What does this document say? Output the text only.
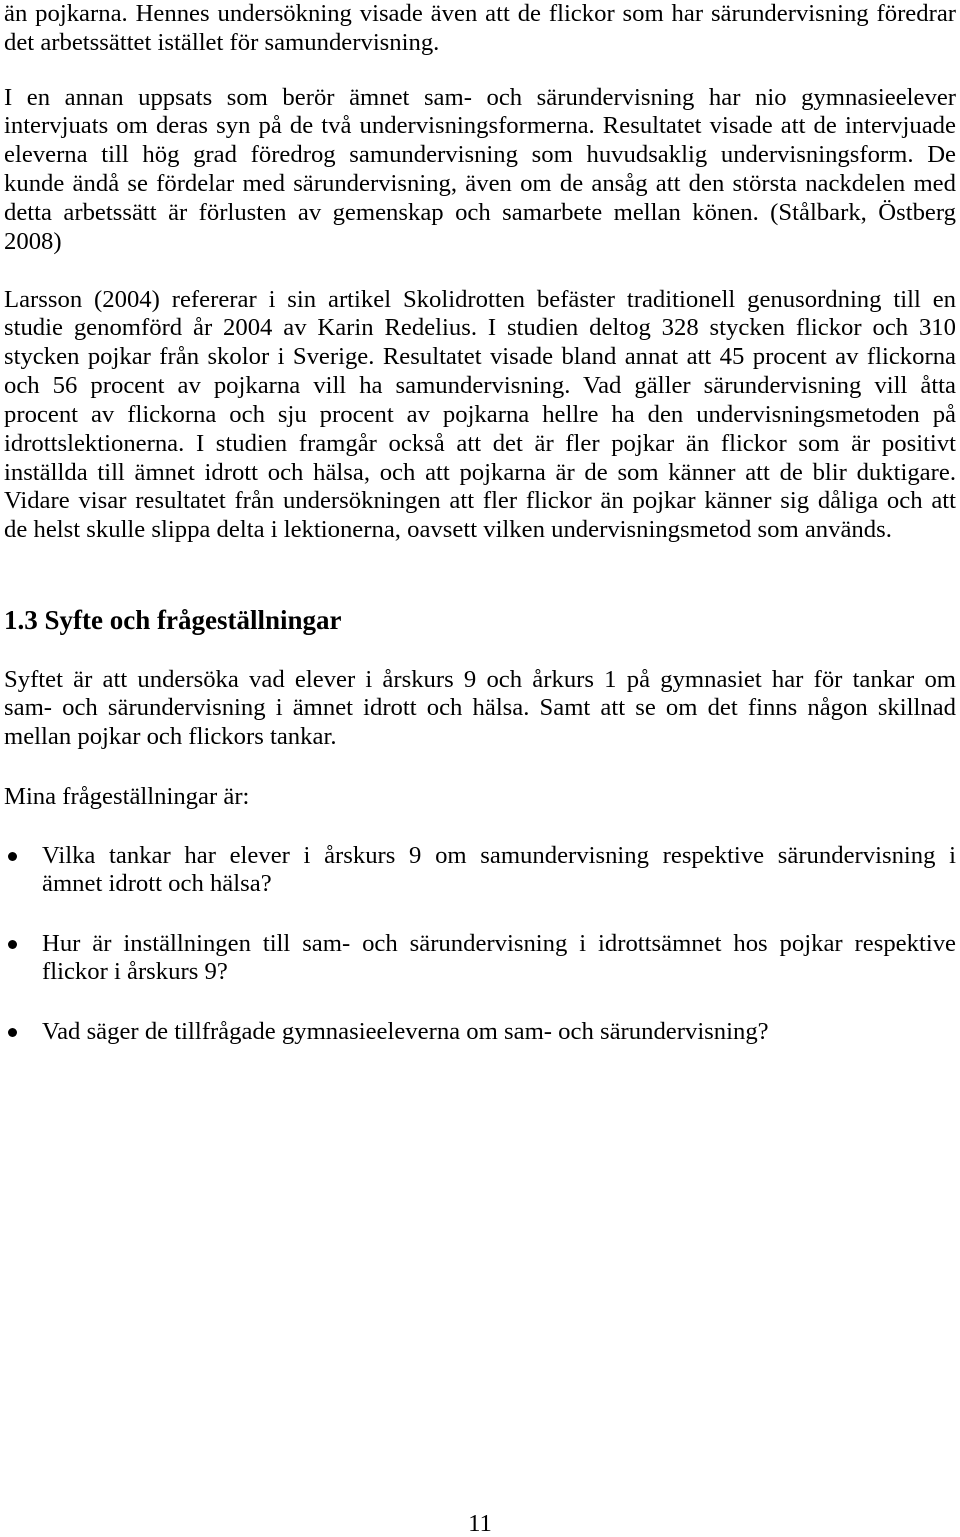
än pojkarna. Hennes undersökning visade även att de flickor som har särundervisning föredrar
det arbetssättet istället för samundervisning.
I en annan uppsats som berör ämnet sam- och särundervisning har nio gymnasieelever
intervjuats om deras syn på de två undervisningsformerna. Resultatet visade att de intervjuade
eleverna till hög grad föredrog samundervisning som huvudsaklig undervisningsform. De
kunde ändå se fördelar med särundervisning, även om de ansåg att den största nackdelen med
detta arbetssätt är förlusten av gemenskap och samarbete mellan könen. (Stålbark, Östberg
2008)
Larsson (2004) refererar i sin artikel Skolidrotten befäster traditionell genusordning till en
studie genomförd år 2004 av Karin Redelius. I studien deltog 328 stycken flickor och 310
stycken pojkar från skolor i Sverige. Resultatet visade bland annat att 45 procent av flickorna
och 56 procent av pojkarna vill ha samundervisning. Vad gäller särundervisning vill åtta
procent av flickorna och sju procent av pojkarna hellre ha den undervisningsmetoden på
idrottslektionerna. I studien framgår också att det är fler pojkar än flickor som är positivt
inställda till ämnet idrott och hälsa, och att pojkarna är de som känner att de blir duktigare.
Vidare visar resultatet från undersökningen att fler flickor än pojkar känner sig dåliga och att
de helst skulle slippa delta i lektionerna, oavsett vilken undervisningsmetod som används.
1.3 Syfte och frågeställningar
Syftet är att undersöka vad elever i årskurs 9 och årkurs 1 på gymnasiet har för tankar om
sam- och särundervisning i ämnet idrott och hälsa. Samt att se om det finns någon skillnad
mellan pojkar och flickors tankar.
Mina frågeställningar är:
Vilka tankar har elever i årskurs 9 om samundervisning respektive särundervisning i
ämnet idrott och hälsa?
Hur är inställningen till sam- och särundervisning i idrottsämnet hos pojkar respektive
flickor i årskurs 9?
Vad säger de tillfrågade gymnasieeleverna om sam- och särundervisning?
11
